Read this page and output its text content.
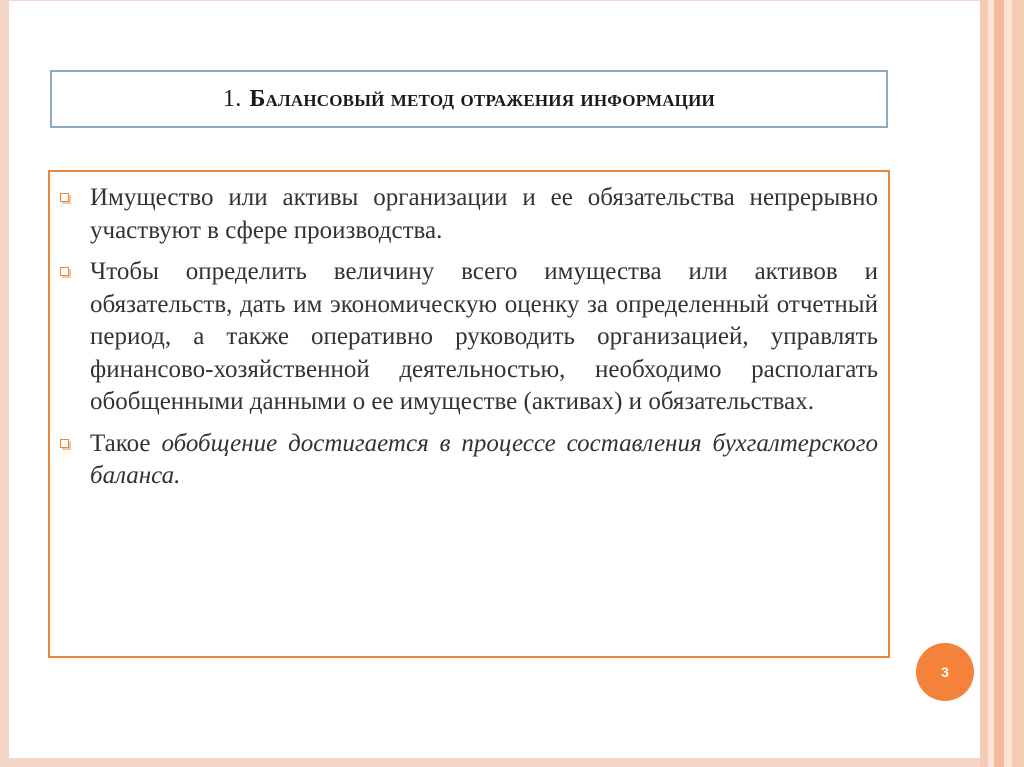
1. Балансовый метод отражения информации
Имущество или активы организации и ее обязательства непрерывно участвуют в сфере производства.
Чтобы определить величину всего имущества или активов и обязательств, дать им экономическую оценку за определенный отчетный период, а также оперативно руководить организацией, управлять финансово-хозяйственной деятельностью, необходимо располагать обобщенными данными о ее имуществе (активах) и обязательствах.
Такое обобщение достигается в процессе составления бухгалтерского баланса.
3
